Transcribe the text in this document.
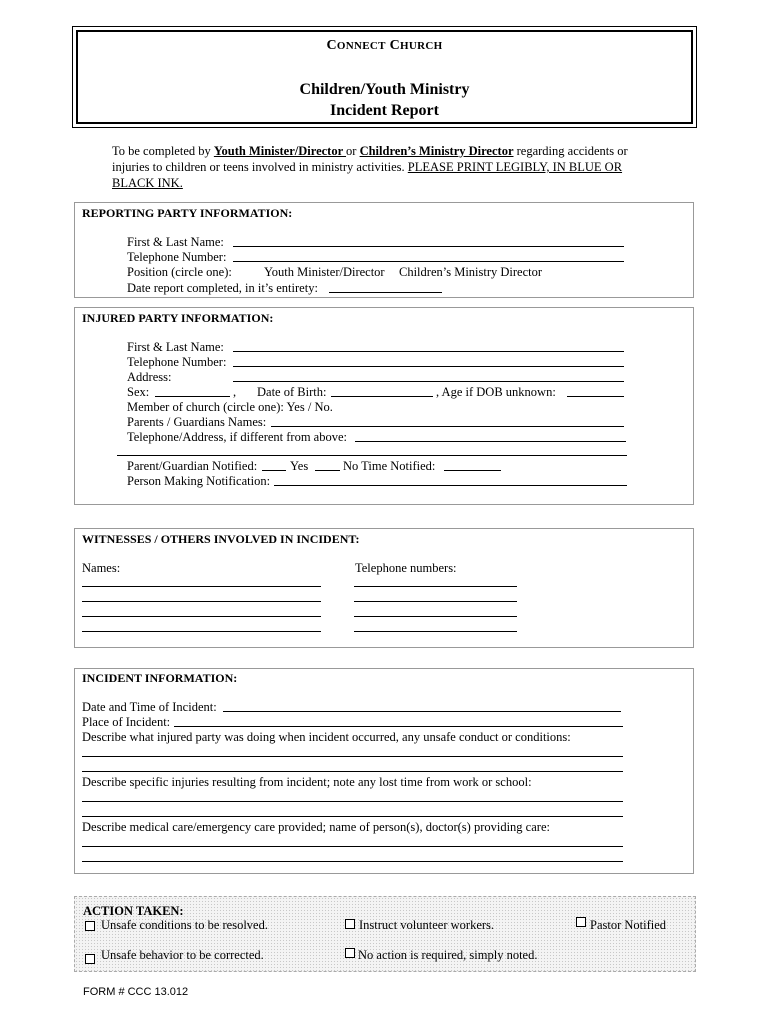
CONNECT CHURCH
Children/Youth Ministry
Incident Report
To be completed by Youth Minister/Director or Children’s Ministry Director regarding accidents or injuries to children or teens involved in ministry activities. PLEASE PRINT LEGIBLY, IN BLUE OR BLACK INK.
REPORTING PARTY INFORMATION:
First & Last Name:
Telephone Number:
Position (circle one):	Youth Minister/Director Children’s Ministry Director
Date report completed, in it’s entirety:
INJURED PARTY INFORMATION:
First & Last Name:
Telephone Number:
Address:
Sex:	, Date of Birth:	, Age if DOB unknown:
Member of church (circle one): Yes / No.
Parents / Guardians Names:
Telephone/Address, if different from above:
Parent/Guardian Notified:	Yes	No Time Notified:
Person Making Notification:
WITNESSES / OTHERS INVOLVED IN INCIDENT:
Names:	Telephone numbers:
INCIDENT INFORMATION:
Date and Time of Incident:
Place of Incident:
Describe what injured party was doing when incident occurred, any unsafe conduct or conditions:
Describe specific injuries resulting from incident; note any lost time from work or school:
Describe medical care/emergency care provided; name of person(s), doctor(s) providing care:
ACTION TAKEN:
Unsafe conditions to be resolved.	Instruct volunteer workers.	Pastor Notified
Unsafe behavior to be corrected.	No action is required, simply noted.
FORM # CCC 13.012
